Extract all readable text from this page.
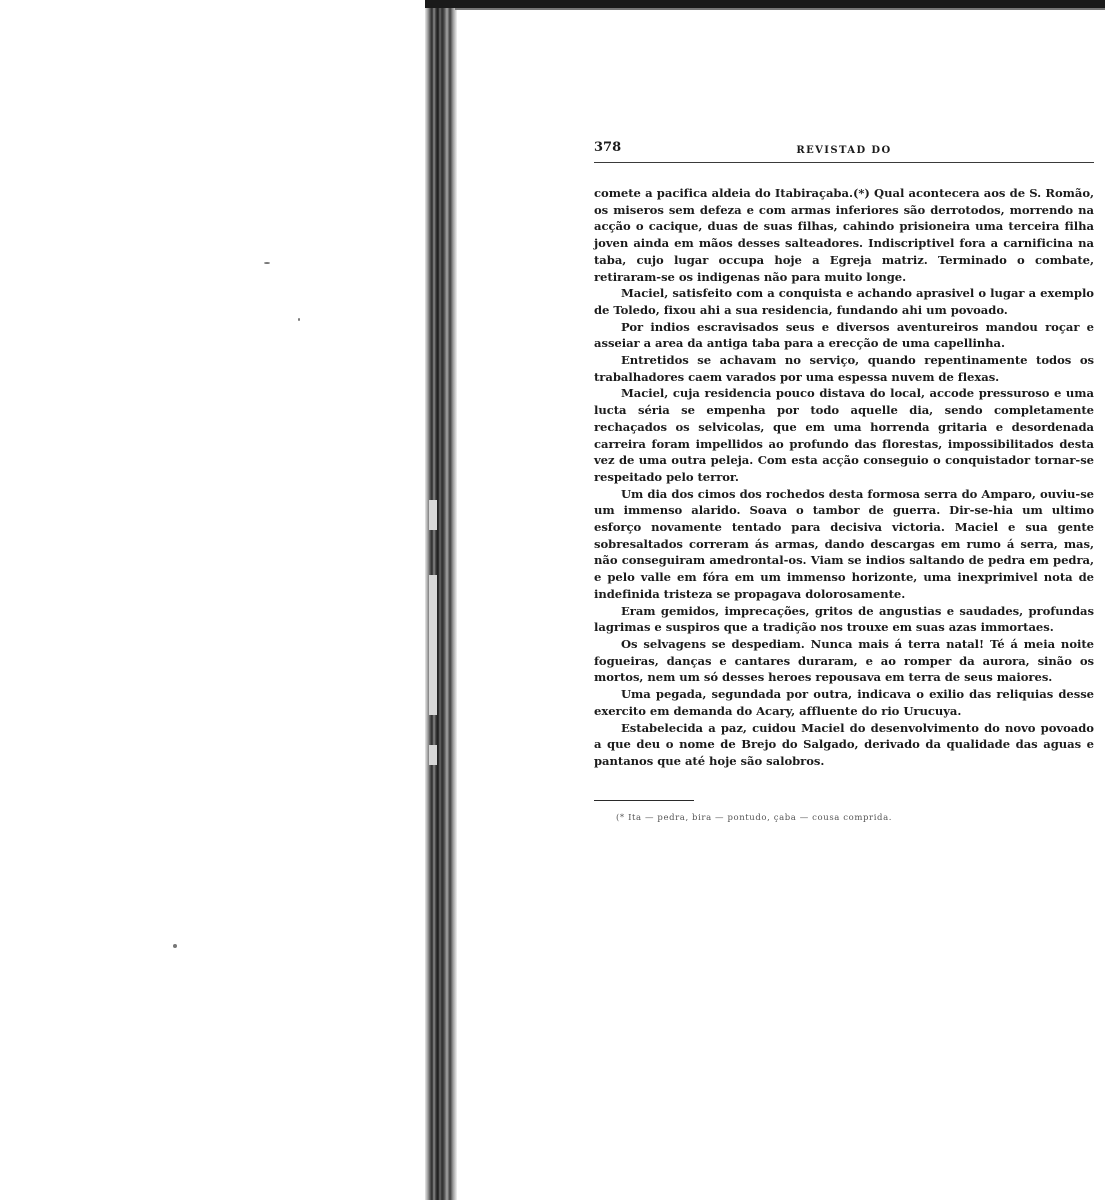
378	REVISTAD DO

comete a pacifica aldeia do Itabiraçaba.(*) Qual acontecera aos de S. Romão, os miseros sem defeza e com armas inferiores são derrotodos, morrendo na acção o cacique, duas de suas filhas, cahindo prisioneira uma terceira filha joven ainda em mãos desses salteadores. Indiscriptivel fora a carnificina na taba, cujo lugar occupa hoje a Egreja matriz. Terminado o combate, retiraram-se os indigenas não para muito longe.

Maciel, satisfeito com a conquista e achando aprasivel o lugar a exemplo de Toledo, fixou ahi a sua residencia, fundando ahi um povoado.

Por indios escravisados seus e diversos aventureiros mandou roçar e asseiar a area da antiga taba para a erecção de uma capellinha.

Entretidos se achavam no serviço, quando repentinamente todos os trabalhadores caem varados por uma espessa nuvem de flexas.

Maciel, cuja residencia pouco distava do local, accode pressuroso e uma lucta séria se empenha por todo aquelle dia, sendo completamente rechaçados os selvicolas, que em uma horrenda gritaria e desordenada carreira foram impellidos ao profundo das florestas, impossibilitados desta vez de uma outra peleja. Com esta acção conseguio o conquistador tornar-se respeitado pelo terror.

Um dia dos cimos dos rochedos desta formosa serra do Amparo, ouviu-se um immenso alarido. Soava o tambor de guerra. Dir-se-hia um ultimo esforço novamente tentado para decisiva victoria. Maciel e sua gente sobresaltados correram ás armas, dando descargas em rumo á serra, mas, não conseguiram amedrontal-os. Viam se indios saltando de pedra em pedra, e pelo valle em fóra em um immenso horizonte, uma inexprimivel nota de indefinida tristeza se propagava dolorosamente.

Eram gemidos, imprecações, gritos de angustias e saudades, profundas lagrimas e suspiros que a tradição nos trouxe em suas azas immortaes.

Os selvagens se despediam. Nunca mais á terra natal! Té á meia noite fogueiras, danças e cantares duraram, e ao romper da aurora, sinão os mortos, nem um só desses heroes repousava em terra de seus maiores.

Uma pegada, segundada por outra, indicava o exilio das reliquias desse exercito em demanda do Acary, affluente do rio Urucuya.

Estabelecida a paz, cuidou Maciel do desenvolvimento do novo povoado a que deu o nome de Brejo do Salgado, derivado da qualidade das aguas e pantanos que até hoje são salobros.

(* Ita — pedra, bira — pontudo, çaba — cousa comprida.
